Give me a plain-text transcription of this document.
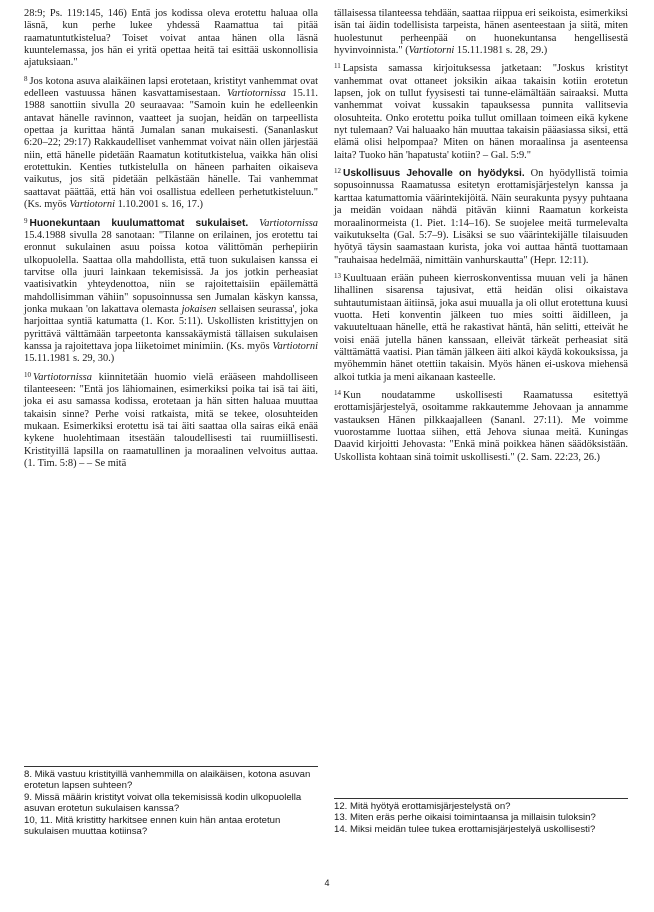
28:9; Ps. 119:145, 146) Entä jos kodissa oleva erotettu haluaa olla läsnä, kun perhe lukee yhdessä Raamattua tai pitää raamatuntutkistelua? Toiset voivat antaa hänen olla läsnä kuuntelemassa, jos hän ei yritä opettaa heitä tai esittää uskonnollisia ajatuksiaan."

$^8$ Jos kotona asuva alaikäinen lapsi erotetaan, kristityt vanhemmat ovat edelleen vastuussa hänen kasvattamisestaan. Vartiotornissa 15.11. 1988 sanottiin sivulla 20 seuraavaa: "Samoin kuin he edelleenkin antavat hänelle ravinnon, vaatteet ja suojan, heidän on tarpeellista opettaa ja kurittaa häntä Jumalan sanan mukaisesti. (Sananlaskut 6:20–22; 29:17) Rakkaudelliset vanhemmat voivat näin ollen järjestää niin, että hänelle pidetään Raamatun kotitutkistelua, vaikka hän olisi erotettukin. Kenties tutkistelulla on häneen parhaiten oikaiseva vaikutus, jos sitä pidetään pelkästään hänelle. Tai vanhemmat saattavat päättää, että hän voi osallistua edelleen perhetutkisteluun." (Ks. myös Vartiotorni 1.10.2001 s. 16, 17.)

$^9$ Huonekuntaan kuulumattomat sukulaiset. Vartiotornissa 15.4.1988 sivulla 28 sanotaan: "Tilanne on erilainen, jos erotettu tai eronnut sukulainen asuu poissa kotoa välittömän perhepiirin ulkopuolella. Saattaa olla mahdollista, että tuon sukulaisen kanssa ei tarvitse olla juuri lainkaan tekemisissä. Ja jos jotkin perheasiat vaatisivatkin yhteydenottoa, niin se rajoitettaisiin epäilemättä mahdollisimman vähiin" sopusoinnussa sen Jumalan käskyn kanssa, jonka mukaan 'on lakattava olemasta jokaisen sellaisen seurassa', joka harjoittaa syntiä katumatta (1. Kor. 5:11). Uskollisten kristittyjen on pyrittävä välttämään tarpeetonta kanssakäymistä tällaisen sukulaisen kanssa ja rajoitettava jopa liiketoimet minimiin. (Ks. myös Vartiotorni 15.11.1981 s. 29, 30.)

$^{10}$ Vartiotornissa kiinnitetään huomio vielä erääseen mahdolliseen tilanteeseen: "Entä jos lähiomainen, esimerkiksi poika tai isä tai äiti, joka ei asu samassa kodissa, erotetaan ja hän sitten haluaa muuttaa takaisin sinne? Perhe voisi ratkaista, mitä se tekee, olosuhteiden mukaan. Esimerkiksi erotettu isä tai äiti saattaa olla sairas eikä enää kykene huolehtimaan itsestään taloudellisesti tai ruumiillisesti. Kristityillä lapsilla on raamatullinen ja moraalinen velvoitus auttaa. (1. Tim. 5:8) – – Se mitä

tällaisessa tilanteessa tehdään, saattaa riippua eri seikoista, esimerkiksi isän tai äidin todellisista tarpeista, hänen asenteestaan ja siitä, miten huolestunut perheenpää on huonekuntansa hengellisestä hyvinvoinnista." (Vartiotorni 15.11.1981 s. 28, 29.)

$^{11}$ Lapsista samassa kirjoituksessa jatketaan: "Joskus kristityt vanhemmat ovat ottaneet joksikin aikaa takaisin kotiin erotetun lapsen, jok on tullut fyysisesti tai tunne-elämältään sairaaksi. Mutta vanhemmat voivat kussakin tapauksessa punnita vallitsevia olosuhteita. Onko erotettu poika tullut omillaan toimeen eikä kykene nyt tulemaan? Vai haluaako hän muuttaa takaisin pääasiassa siksi, että elämä olisi helpompaa? Miten on hänen moraalinsa ja asenteensa laita? Tuoko hän 'hapatusta' kotiin? – Gal. 5:9."

$^{12}$ Uskollisuus Jehovalle on hyödyksi. On hyödyllistä toimia sopusoinnussa Raamatussa esitetyn erottamisjärjestelyn kanssa ja karttaa katumattomia väärintekijöitä. Näin seurakunta pysyy puhtaana ja meidän voidaan nähdä pitävän kiinni Raamatun korkeista moraalinormeista (1. Piet. 1:14–16). Se suojelee meitä turmelevalta vaikutukselta (Gal. 5:7–9). Lisäksi se suo väärintekijälle tilaisuuden hyötyä täysin saamastaan kurista, joka voi auttaa häntä tuottamaan "rauhaisaa hedelmää, nimittäin vanhurskautta" (Hepr. 12:11).

$^{13}$ Kuultuaan erään puheen kierroskonventissa muuan veli ja hänen lihallinen sisarensa tajusivat, että heidän olisi oikaistava suhtautumistaan äitiinsä, joka asui muualla ja oli ollut erotettuna kuusi vuotta. Heti konventin jälkeen tuo mies soitti äidilleen, ja vakuuteltuaan hänelle, että he rakastivat häntä, hän selitti, etteivät he voisi enää jutella hänen kanssaan, elleivät tärkeät perheasiat sitä välttämättä vaatisi. Pian tämän jälkeen äiti alkoi käydä kokouksissa, ja myöhemmin hänet otettiin takaisin. Myös hänen ei-uskova miehensä alkoi tutkia ja meni aikanaan kasteelle.

$^{14}$ Kun noudatamme uskollisesti Raamatussa esitettyä erottamisjärjestelyä, osoitamme rakkautemme Jehovaan ja annamme vastauksen Hänen pilkkaajalleen (Sananl. 27:11). Me voimme vuorostamme luottaa siihen, että Jehova siunaa meitä. Kuningas Daavid kirjoitti Jehovasta: "Enkä minä poikkea hänen säädöksistään. Uskollista kohtaan sinä toimit uskollisesti." (2. Sam. 22:23, 26.)

8. Mikä vastuu kristityillä vanhemmilla on alaikäisen, kotona asuvan erotetun lapsen suhteen?

9. Missä määrin kristityt voivat olla tekemisissä kodin ulkopuolella asuvan erotetun sukulaisen kanssa?

10, 11. Mitä kristitty harkitsee ennen kuin hän antaa erotetun sukulaisen muuttaa kotiinsa?

12. Mitä hyötyä erottamisjärjestelystä on?

13. Miten eräs perhe oikaisi toimintaansa ja millaisin tuloksin?

14. Miksi meidän tulee tukea erottamisjärjestelyä uskollisesti?

4
